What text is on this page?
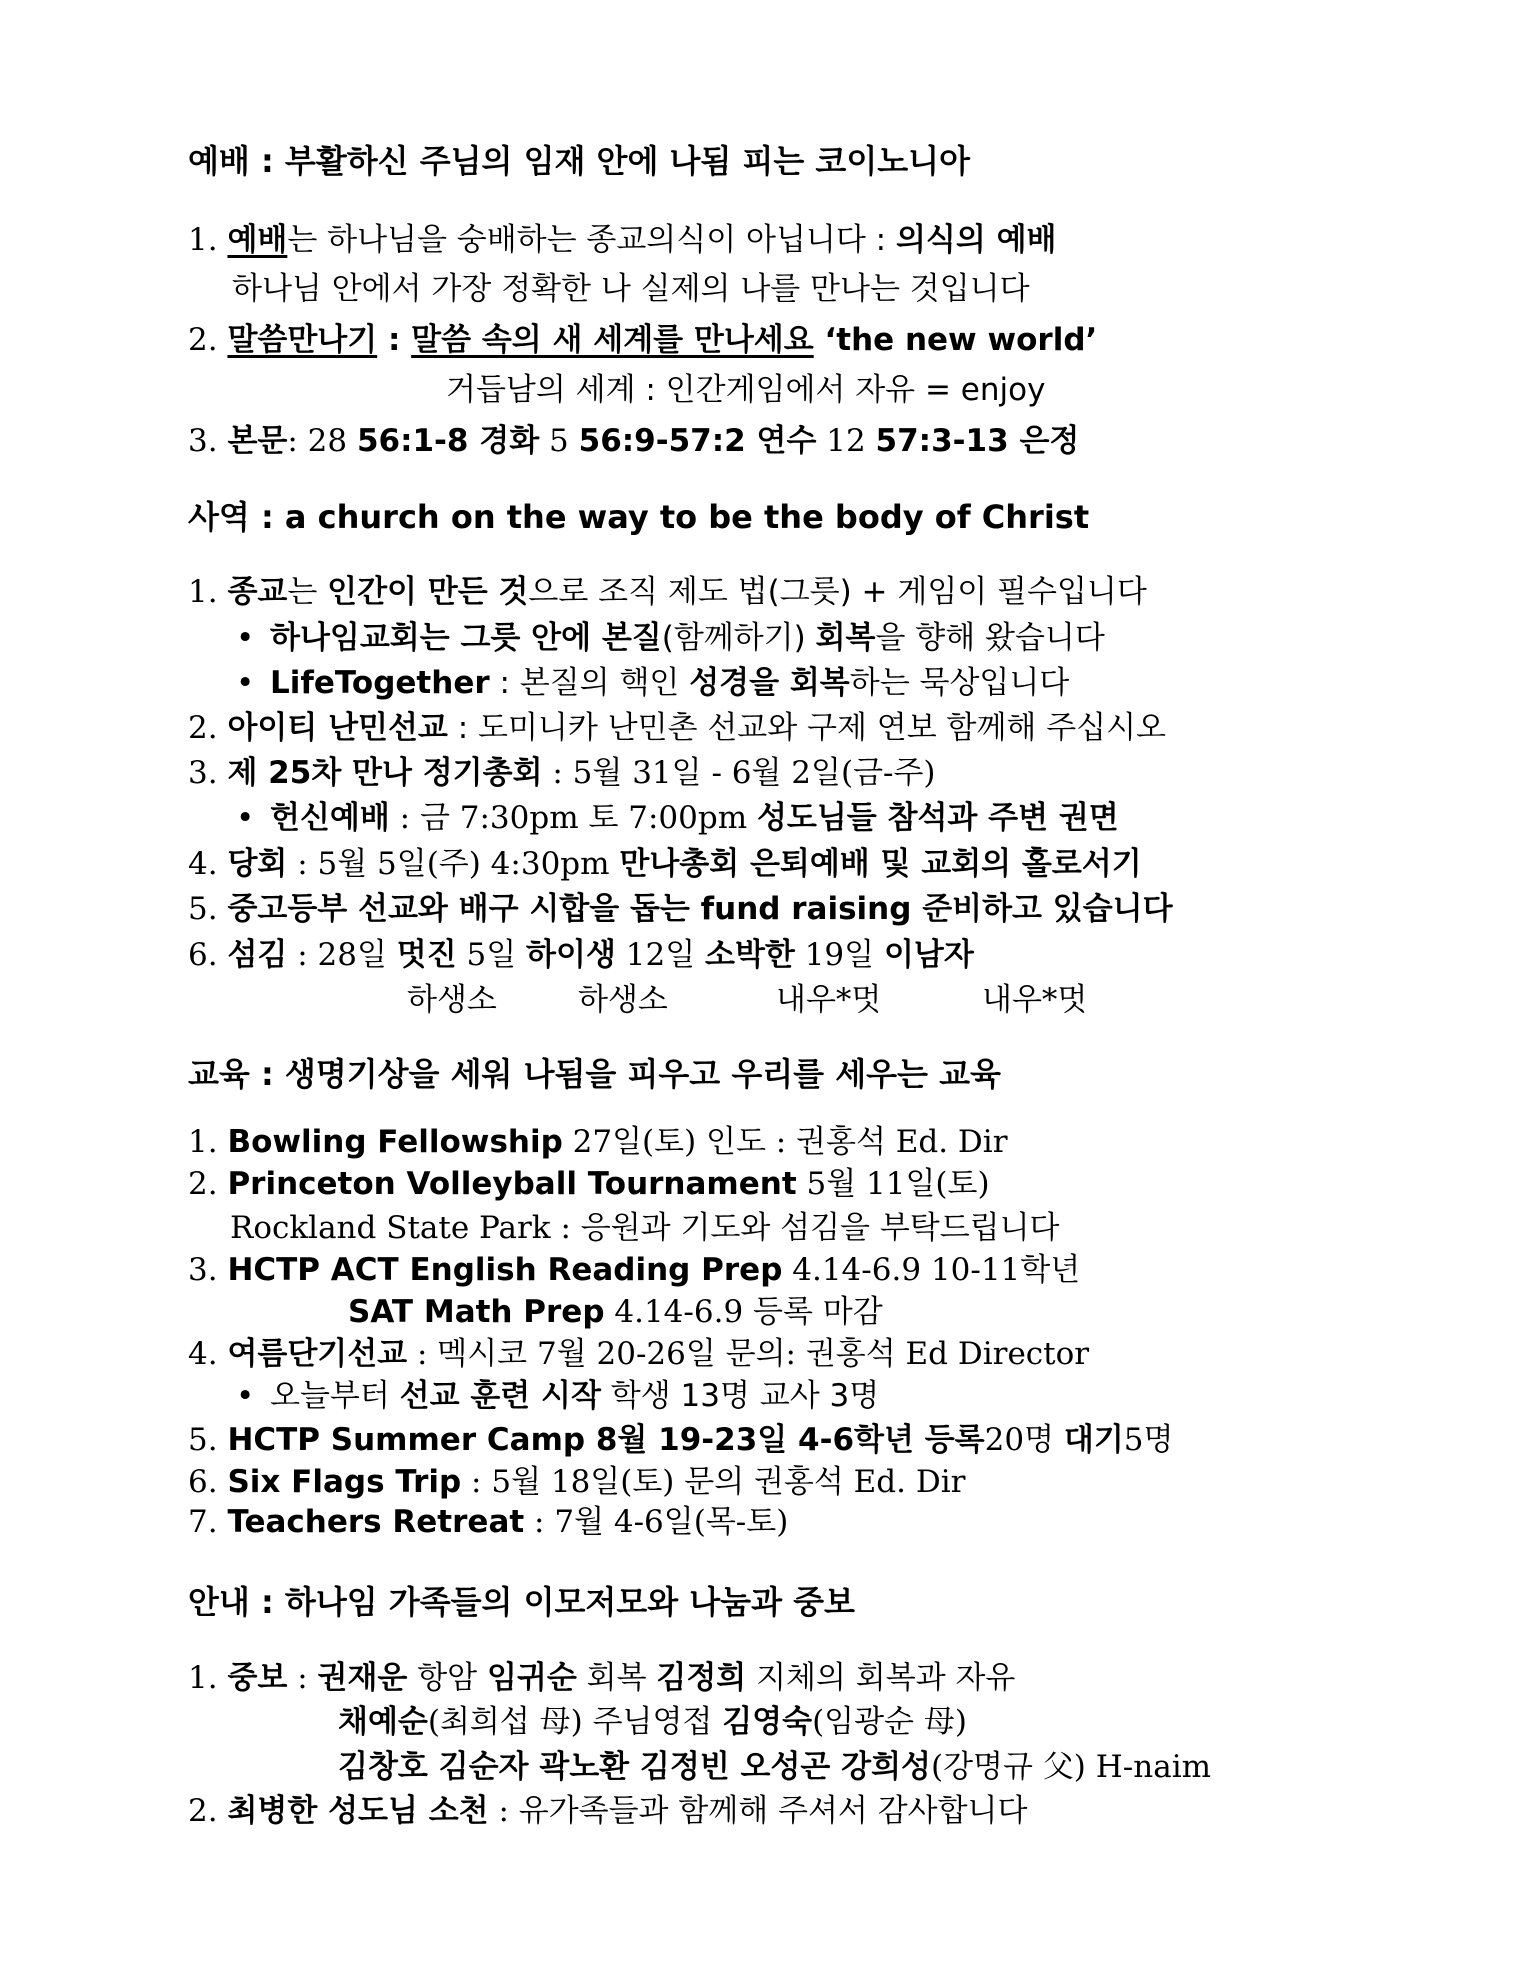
예배 : 부활하신 주님의 임재 안에 나됨 피는 코이노니아
1. 예배는 하나님을 숭배하는 종교의식이 아닙니다 : 의식의 예배
하나님 안에서 가장 정확한 나 실제의 나를 만나는 것입니다
2. 말씀만나기 : 말씀 속의 새 세계를 만나세요 ‘the new world’
거듭남의 세계 : 인간게임에서 자유 = enjoy
3. 본문: 28 56:1-8 경화 5 56:9-57:2 연수 12 57:3-13 은정
사역 : a church on the way to be the body of Christ
1. 종교는 인간이 만든 것으로 조직 제도 법(그릇) + 게임이 필수입니다
• 하나임교회는 그릇 안에 본질(함께하기) 회복을 향해 왔습니다
• LifeTogether : 본질의 핵인 성경을 회복하는 묵상입니다
2. 아이티 난민선교 : 도미니카 난민촌 선교와 구제 연보 함께해 주십시오
3. 제 25차 만나 정기총회 : 5월 31일 - 6월 2일(금-주)
• 헌신예배 : 금 7:30pm 토 7:00pm 성도님들 참석과 주변 권면
4. 당회 : 5월 5일(주) 4:30pm 만나총회 은퇴예배 및 교회의 홀로서기
5. 중고등부 선교와 배구 시합을 돕는 fund raising 준비하고 있습니다
6. 섬김 : 28일 멋진 5일 하이생 12일 소박한 19일 이남자
하생소	하생소	내우*멋	내우*멋
교육 : 생명기상을 세워 나됨을 피우고 우리를 세우는 교육
1. Bowling Fellowship 27일(토) 인도 : 권홍석 Ed. Dir
2. Princeton Volleyball Tournament 5월 11일(토)
Rockland State Park : 응원과 기도와 섬김을 부탁드립니다
3. HCTP ACT English Reading Prep 4.14-6.9 10-11학년
SAT Math Prep 4.14-6.9 등록 마감
4. 여름단기선교 : 멕시코 7월 20-26일 문의: 권홍석 Ed Director
• 오늘부터 선교 훈련 시작 학생 13명 교사 3명
5. HCTP Summer Camp 8월 19-23일 4-6학년 등록20명 대기5명
6. Six Flags Trip : 5월 18일(토) 문의 권홍석 Ed. Dir
7. Teachers Retreat : 7월 4-6일(목-토)
안내 : 하나임 가족들의 이모저모와 나눔과 중보
1. 중보 : 권재운 항암 임귀순 회복 김정희 지체의 회복과 자유
채예순(최희섭 母) 주님영접 김영숙(임광순 母)
김창호 김순자 곽노환 김정빈 오성곤 강희성(강명규 父) H-naim
2. 최병한 성도님 소천 : 유가족들과 함께해 주셔서 감사합니다
